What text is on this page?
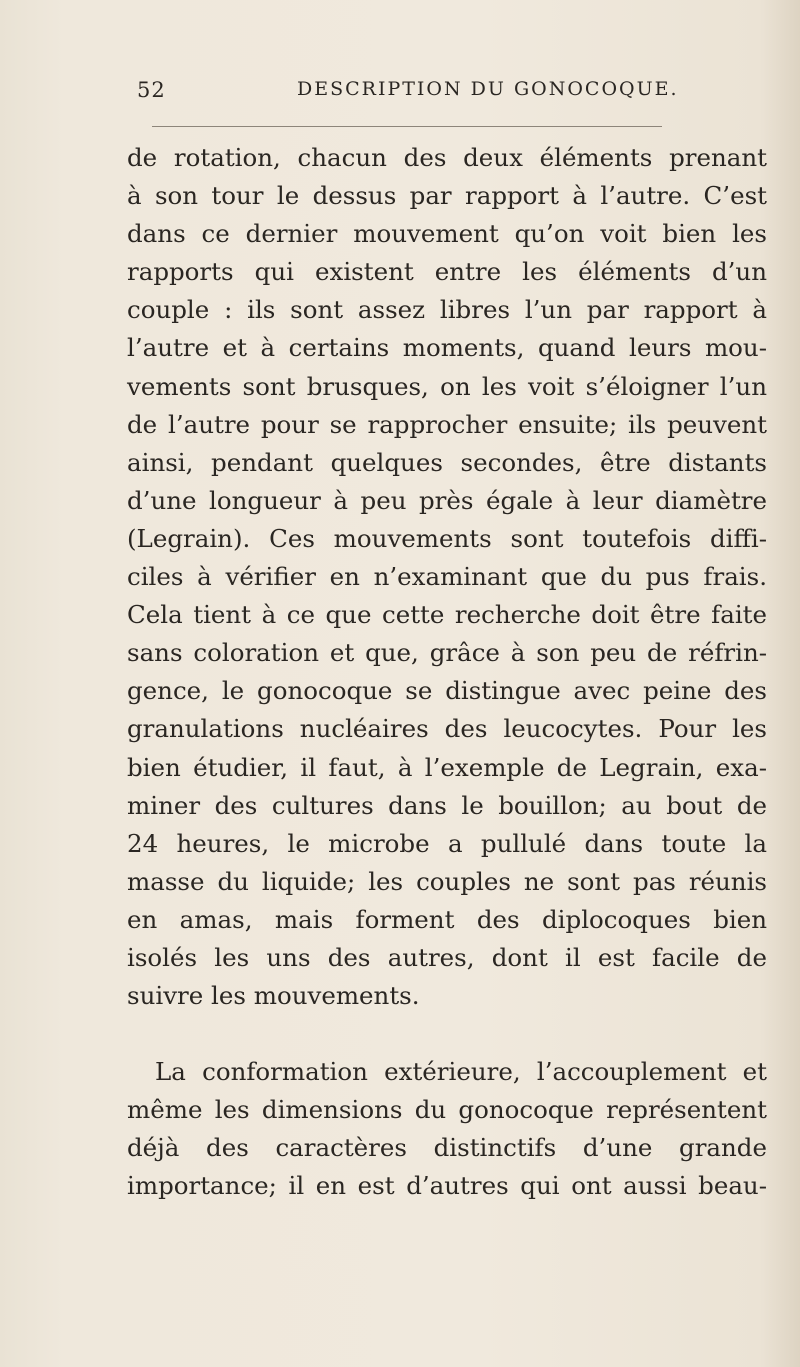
52	DESCRIPTION DU GONOCOQUE.
de rotation, chacun des deux éléments prenant
à son tour le dessus par rapport à l’autre. C’est
dans ce dernier mouvement qu’on voit bien les
rapports qui existent entre les éléments d’un
couple : ils sont assez libres l’un par rapport à
l’autre et à certains moments, quand leurs mou-
vements sont brusques, on les voit s’éloigner l’un
de l’autre pour se rapprocher ensuite; ils peuvent
ainsi, pendant quelques secondes, être distants
d’une longueur à peu près égale à leur diamètre
(Legrain). Ces mouvements sont toutefois diffi-
ciles à vérifier en n’examinant que du pus frais.
Cela tient à ce que cette recherche doit être faite
sans coloration et que, grâce à son peu de réfrin-
gence, le gonocoque se distingue avec peine des
granulations nucléaires des leucocytes. Pour les
bien étudier, il faut, à l’exemple de Legrain, exa-
miner des cultures dans le bouillon; au bout de
24 heures, le microbe a pullulé dans toute la
masse du liquide; les couples ne sont pas réunis
en amas, mais forment des diplocoques bien
isolés les uns des autres, dont il est facile de
suivre les mouvements.
La conformation extérieure, l’accouplement et
même les dimensions du gonocoque représentent
déjà des caractères distinctifs d’une grande
importance; il en est d’autres qui ont aussi beau-
